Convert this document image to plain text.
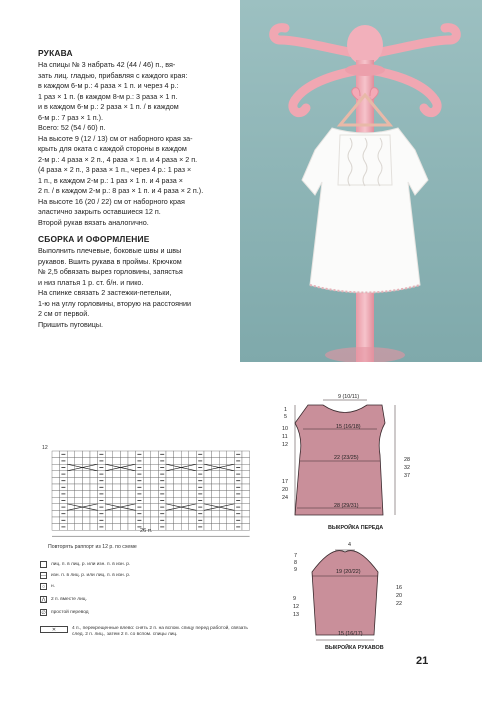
РУКАВА

На спицы № 3 набрать 42 (44 / 46) п., вя-

зать лиц. гладью, прибавляя с каждого края:

в каждом 6-м р.: 4 раза × 1 п. и через 4 р.:

1 раз × 1 п. (в каждом 8-м р.: 3 раза × 1 п.

и в каждом 6-м р.: 2 раза × 1 п. / в каждом

6-м р.: 7 раз × 1 п.).

Всего: 52 (54 / 60) п.

На высоте 9 (12 / 13) см от наборного края за-

крыть для оката с каждой стороны в каждом

2-м р.: 4 раза × 2 п., 4 раза × 1 п. и 4 раза × 2 п.

(4 раза × 2 п., 3 раза × 1 п., через 4 р.: 1 раз ×

1 п., в каждом 2-м р.: 1 раз × 1 п. и 4 раза ×

2 п. / в каждом 2-м р.: 8 раз × 1 п. и 4 раза × 2 п.).

На высоте 16 (20 / 22) см от наборного края

эластично закрыть оставшиеся 12 п.

Второй рукав вязать аналогично.

СБОРКА И ОФОРМЛЕНИЕ

Выполнить плечевые, боковые швы и швы

рукавов. Вшить рукава в проймы. Крючком

№ 2,5 обвязать вырез горловины, запястья

и низ платья 1 р. ст. б/н. и пико.

На спинке связать 2 застежки-петельки,

1-ю на углу горловины, вторую на расстоянии

2 см от первой.

Пришить пуговицы.

12
26 п.
Повторять раппорт из 12 р. по схеме
лиц. п. в лиц. р. или изн. п. в изн. р.
— изн. п. в лиц. р. или лиц. п. в изн. р.
○	н.
⋀	2 п. вместе лиц.
∅ простой перевод
✕	4 п., перекрещенные влево: снять 2 п. на вспом. спицу перед работой, связать след. 2 п. лиц., затем 2 п. со вспом. спицы лиц.
9 (10/11)
15 (16/18)
22 (23/25)
28 (29/31)
1
5
10
11
12
17
20
24
28
32
37
ВЫКРОЙКА ПЕРЕДА
4
19 (20/22)
15 (16/17)
7
8
9
9
12
13
16
20
22
ВЫКРОЙКА РУКАВОВ
21
